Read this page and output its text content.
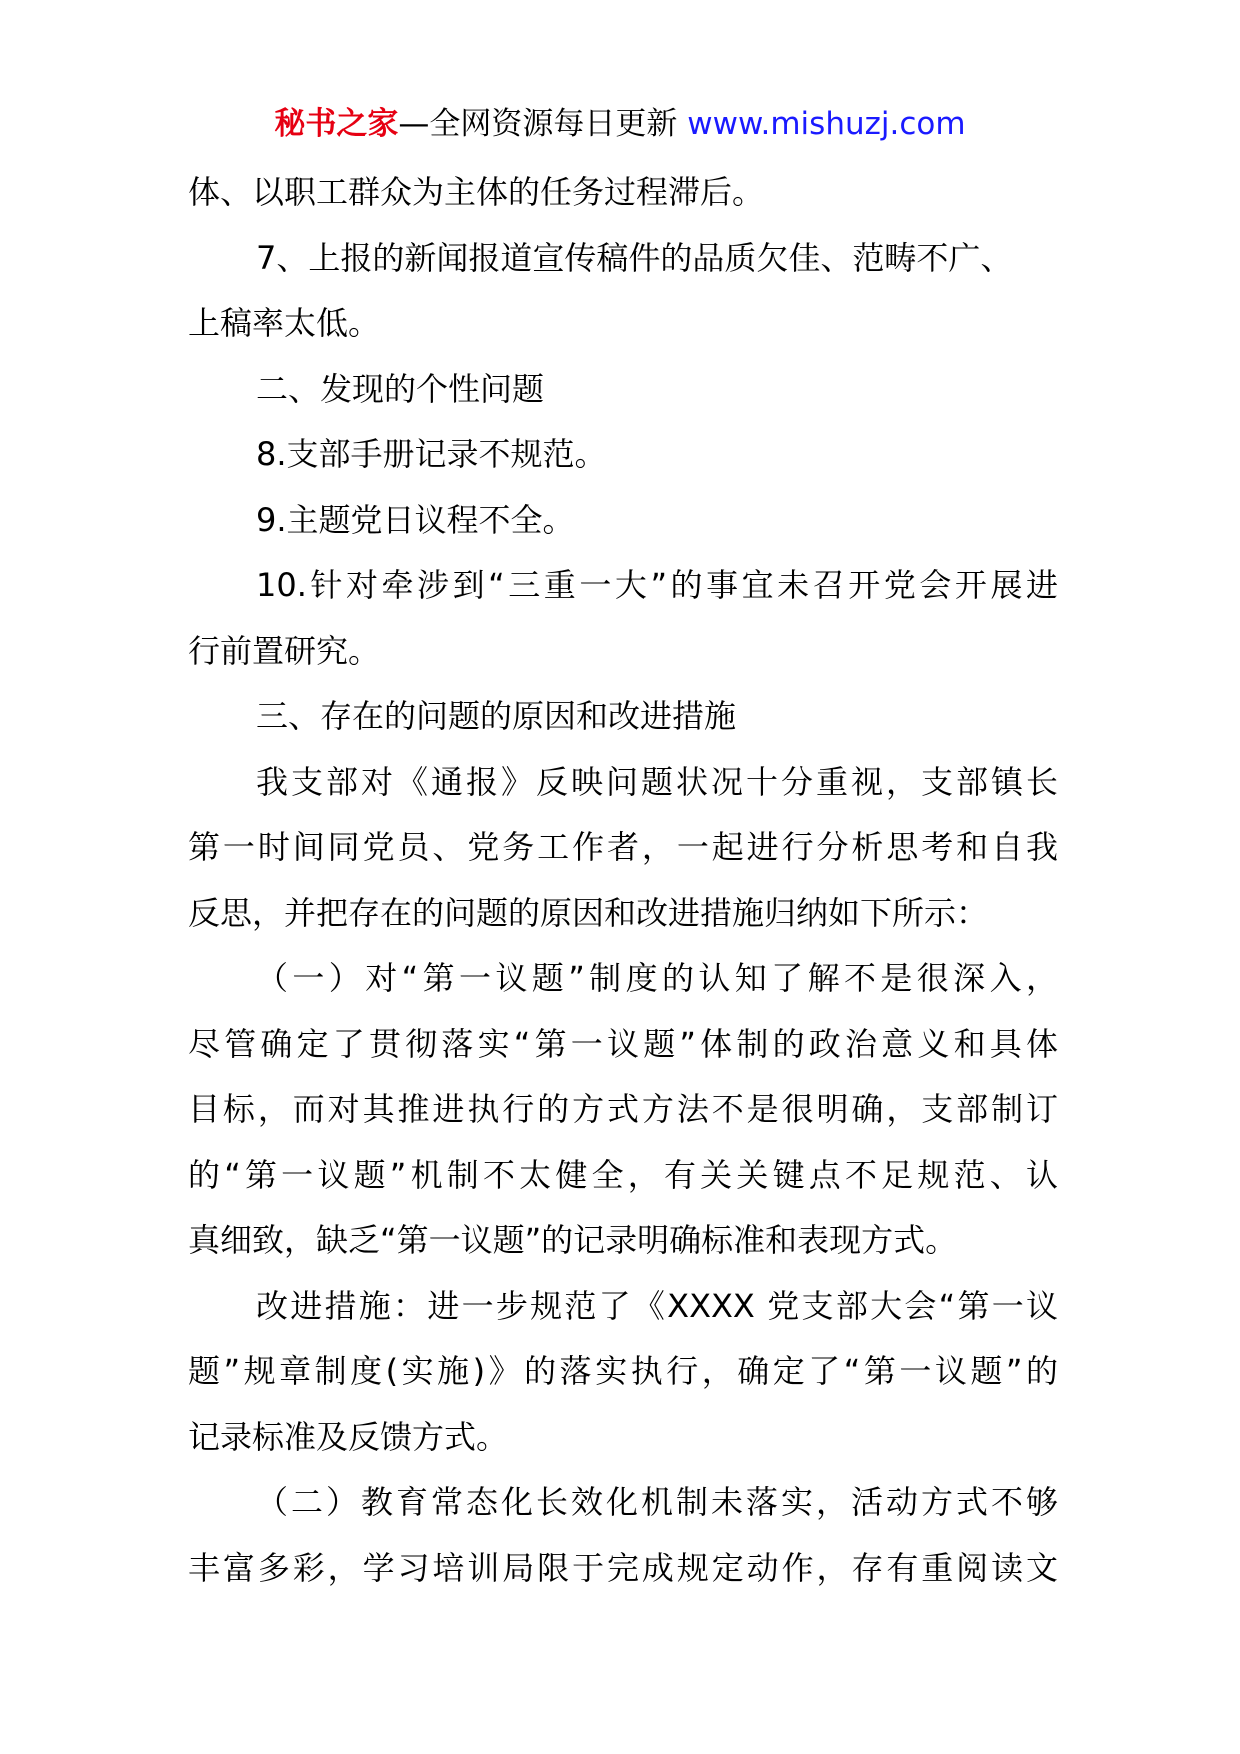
秘书之家—全网资源每日更新 www.mishuzj.com
体、以职工群众为主体的任务过程滞后。
7、上报的新闻报道宣传稿件的品质欠佳、范畴不广、
上稿率太低。
二、发现的个性问题
8.支部手册记录不规范。
9.主题党日议程不全。
10.针对牵涉到“三重一大”的事宜未召开党会开展进
行前置研究。
三、存在的问题的原因和改进措施
我支部对《通报》反映问题状况十分重视，支部镇长
第一时间同党员、党务工作者，一起进行分析思考和自我
反思，并把存在的问题的原因和改进措施归纳如下所示：
（一）对“第一议题”制度的认知了解不是很深入，
尽管确定了贯彻落实“第一议题”体制的政治意义和具体
目标，而对其推进执行的方式方法不是很明确，支部制订
的“第一议题”机制不太健全，有关关键点不足规范、认
真细致，缺乏“第一议题”的记录明确标准和表现方式。
改进措施：进一步规范了《XXXX 党支部大会“第一议
题”规章制度(实施)》的落实执行，确定了“第一议题”的
记录标准及反馈方式。
（二）教育常态化长效化机制未落实，活动方式不够
丰富多彩，学习培训局限于完成规定动作，存有重阅读文
